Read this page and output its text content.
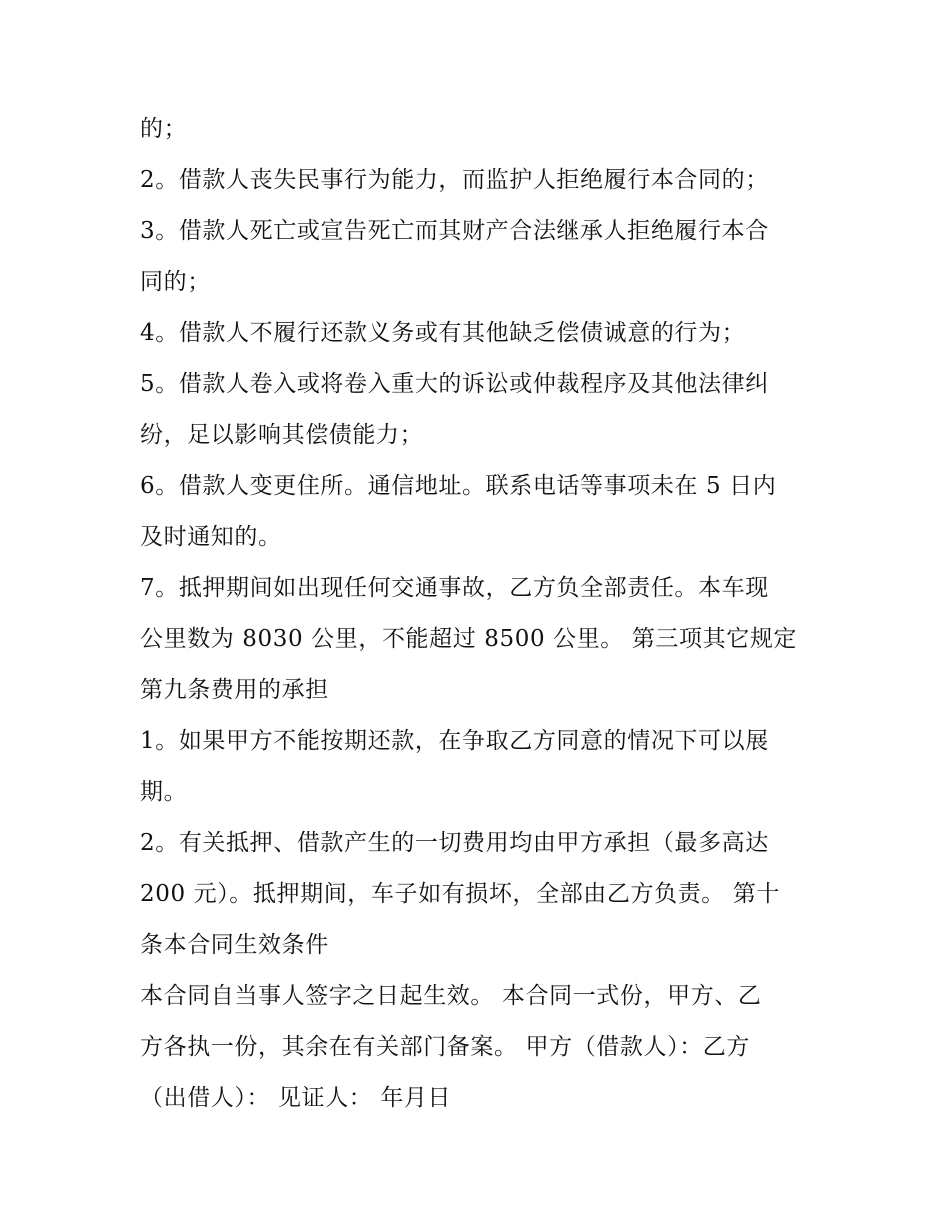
的；
2。借款人丧失民事行为能力，而监护人拒绝履行本合同的；
3。借款人死亡或宣告死亡而其财产合法继承人拒绝履行本合
同的；
4。借款人不履行还款义务或有其他缺乏偿债诚意的行为；
5。借款人卷入或将卷入重大的诉讼或仲裁程序及其他法律纠
纷，足以影响其偿债能力；
6。借款人变更住所。通信地址。联系电话等事项未在 5 日内
及时通知的。
7。抵押期间如出现任何交通事故，乙方负全部责任。本车现
公里数为 8030 公里，不能超过 8500 公里。 第三项其它规定
第九条费用的承担
1。如果甲方不能按期还款，在争取乙方同意的情况下可以展
期。
2。有关抵押、借款产生的一切费用均由甲方承担（最多高达
200 元）。抵押期间，车子如有损坏，全部由乙方负责。 第十
条本合同生效条件
本合同自当事人签字之日起生效。 本合同一式份，甲方、乙
方各执一份，其余在有关部门备案。 甲方（借款人）：乙方
（出借人）： 见证人： 年月日
